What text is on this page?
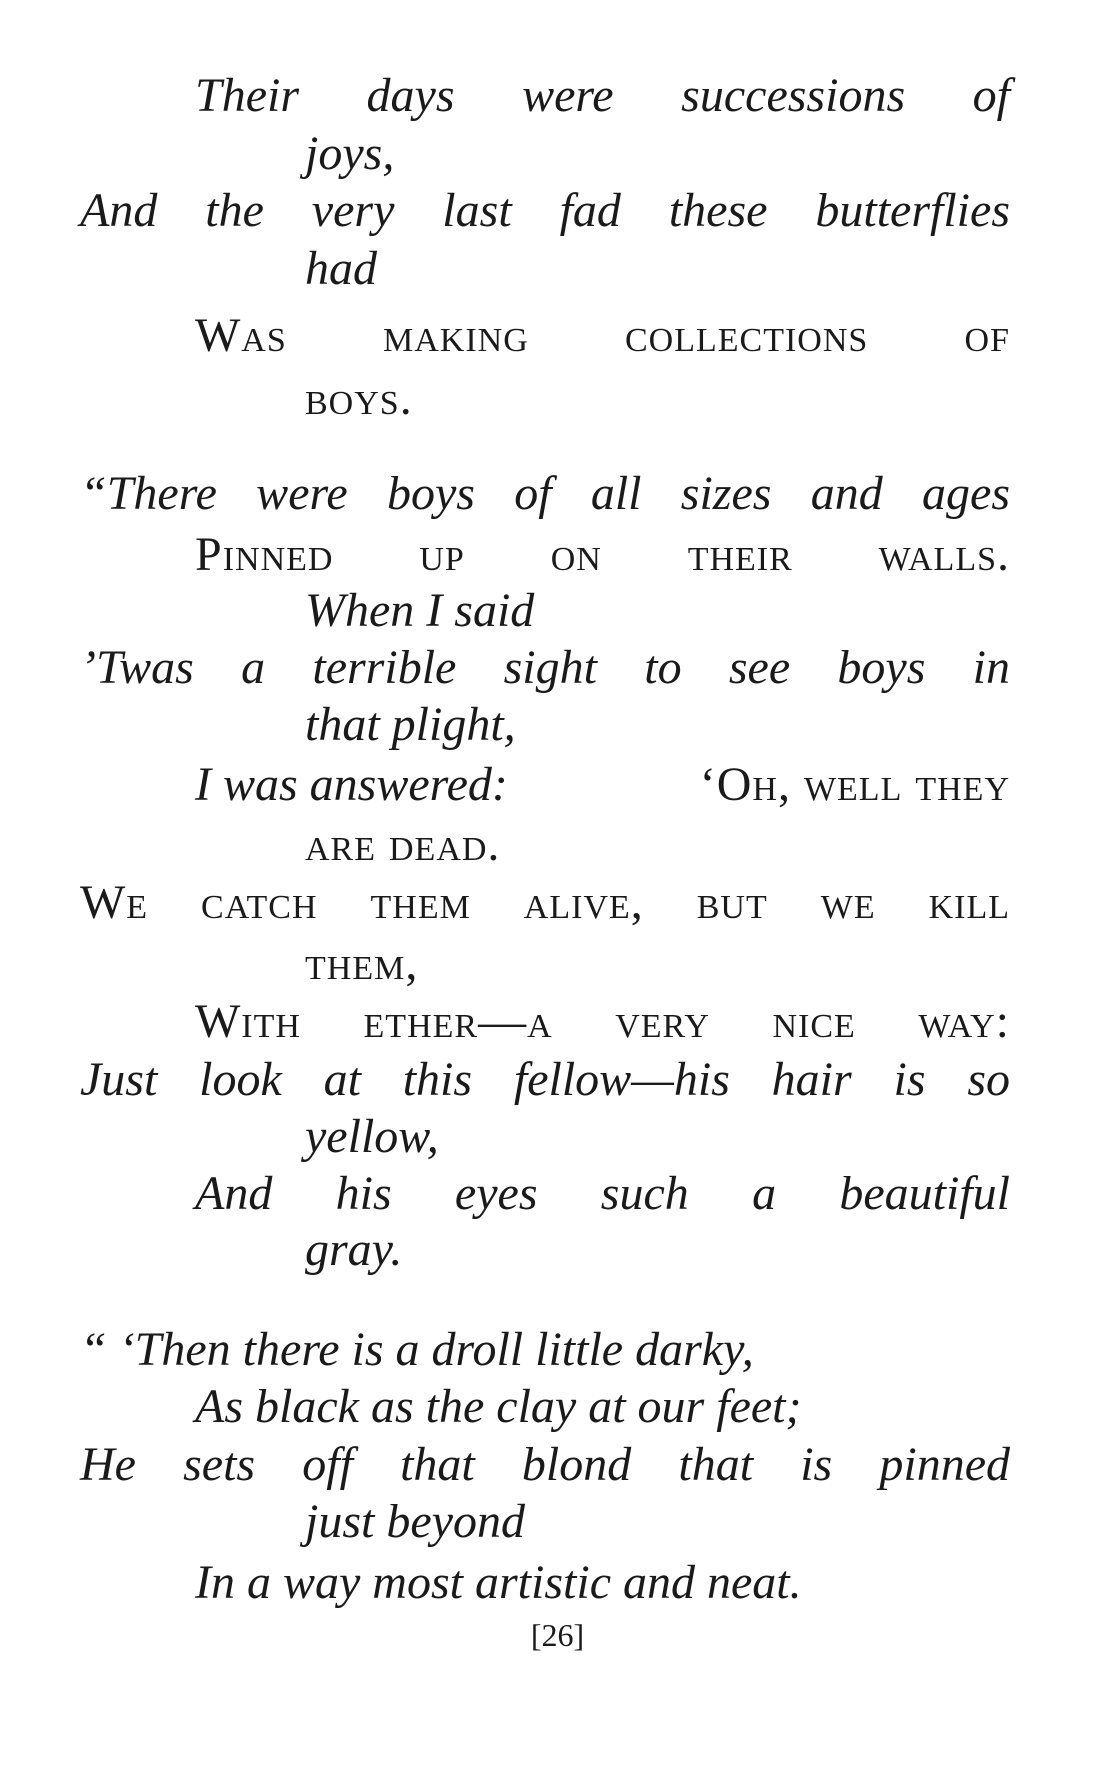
Their days were successions of
joys,
And the very last fad these butterflies
had
Was making collections of
boys.
“There were boys of all sizes and ages
Pinned up on their walls.
When I said
’Twas a terrible sight to see boys in
that plight,
I was answered:	‘Oh, well they
are dead.
We catch them alive, but we kill
them,
With ether—a very nice way:
Just look at this fellow—his hair is so
yellow,
And his eyes such a beautiful
gray.
“ ‘Then there is a droll little darky,
As black as the clay at our feet;
He sets off that blond that is pinned
just beyond
In a way most artistic and neat.
[26]
